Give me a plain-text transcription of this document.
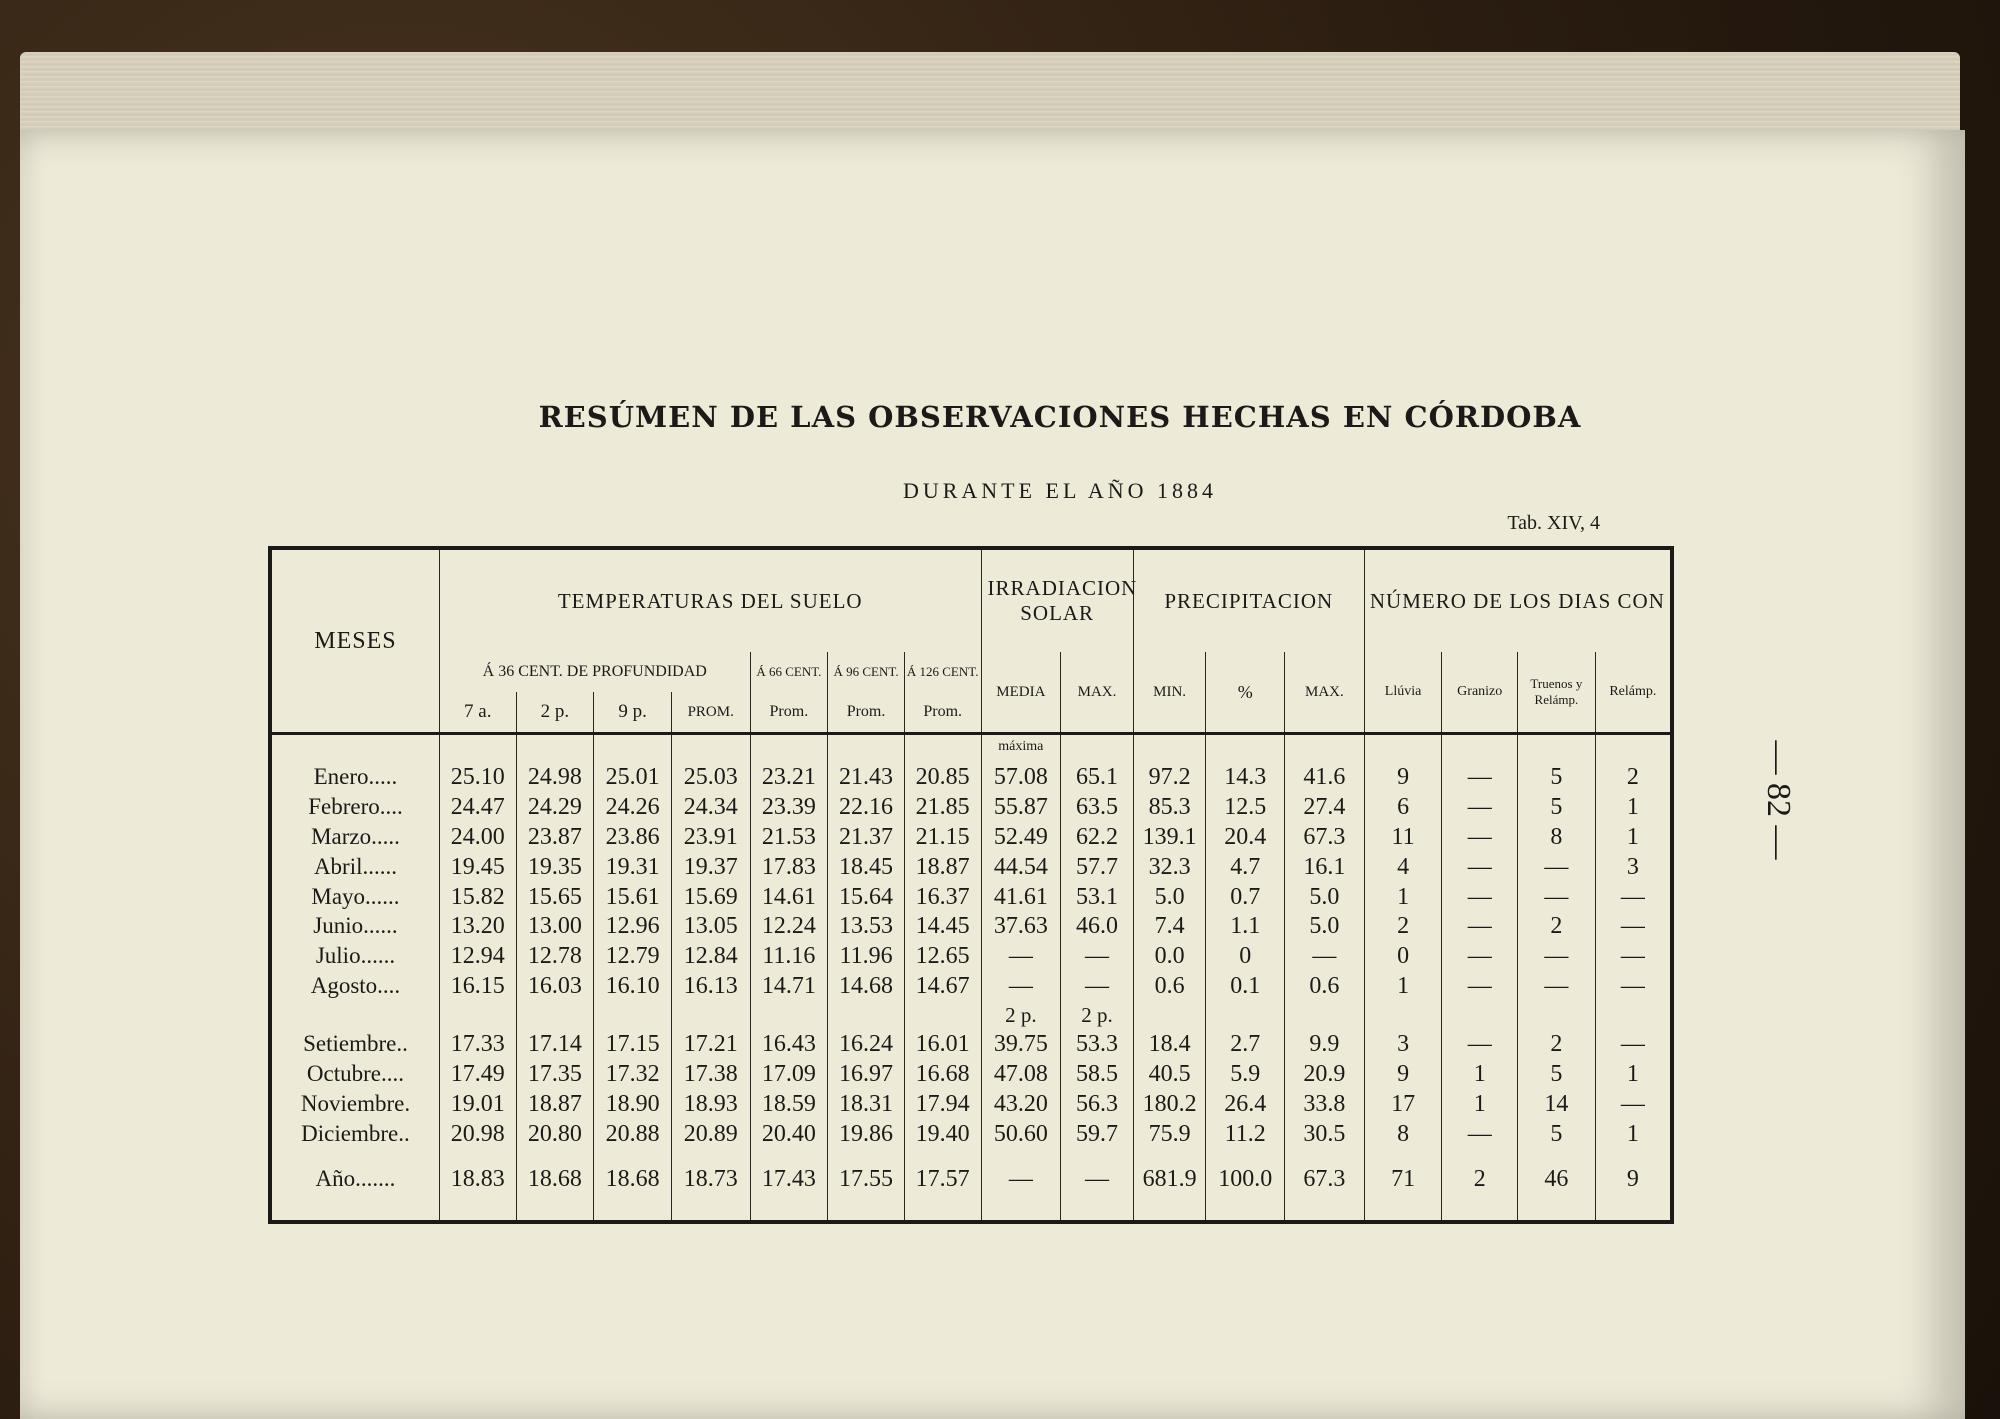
RESÚMEN DE LAS OBSERVACIONES HECHAS EN CÓRDOBA
DURANTE EL AÑO 1884
Tab. XIV, 4
— 82 —
MESES	TEMPERATURAS DEL SUELO							IRRADIACION SOLAR		PRECIPITACION			NÚMERO DE LOS DIAS CON			
	Á 36 CENT. DE PROFUNDIDAD				Á 66 CENT.	Á 96 CENT.	Á 126 CENT.	MEDIA	MAX.	MIN.	%	MAX.	Llúvia	Granizo	Truenos y Relámp.	Relámp.
	7 a.	2 p.	9 p.	PROM.	Prom.	Prom.	Prom.									
								máxima								
Enero.....	25.10	24.98	25.01	25.03	23.21	21.43	20.85	57.08	65.1	97.2	14.3	41.6	9	—	5	2
Febrero....	24.47	24.29	24.26	24.34	23.39	22.16	21.85	55.87	63.5	85.3	12.5	27.4	6	—	5	1
Marzo.....	24.00	23.87	23.86	23.91	21.53	21.37	21.15	52.49	62.2	139.1	20.4	67.3	11	—	8	1
Abril......	19.45	19.35	19.31	19.37	17.83	18.45	18.87	44.54	57.7	32.3	4.7	16.1	4	—	—	3
Mayo......	15.82	15.65	15.61	15.69	14.61	15.64	16.37	41.61	53.1	5.0	0.7	5.0	1	—	—	—
Junio......	13.20	13.00	12.96	13.05	12.24	13.53	14.45	37.63	46.0	7.4	1.1	5.0	2	—	2	—
Julio......	12.94	12.78	12.79	12.84	11.16	11.96	12.65	—	—	0.0	0	—	0	—	—	—
Agosto....	16.15	16.03	16.10	16.13	14.71	14.68	14.67	—	—	0.6	0.1	0.6	1	—	—	—
								2 p.	2 p.							
Setiembre..	17.33	17.14	17.15	17.21	16.43	16.24	16.01	39.75	53.3	18.4	2.7	9.9	3	—	2	—
Octubre....	17.49	17.35	17.32	17.38	17.09	16.97	16.68	47.08	58.5	40.5	5.9	20.9	9	1	5	1
Noviembre.	19.01	18.87	18.90	18.93	18.59	18.31	17.94	43.20	56.3	180.2	26.4	33.8	17	1	14	—
Diciembre..	20.98	20.80	20.88	20.89	20.40	19.86	19.40	50.60	59.7	75.9	11.2	30.5	8	—	5	1

Año.......	18.83	18.68	18.68	18.73	17.43	17.55	17.57	—	—	681.9	100.0	67.3	71	2	46	9
